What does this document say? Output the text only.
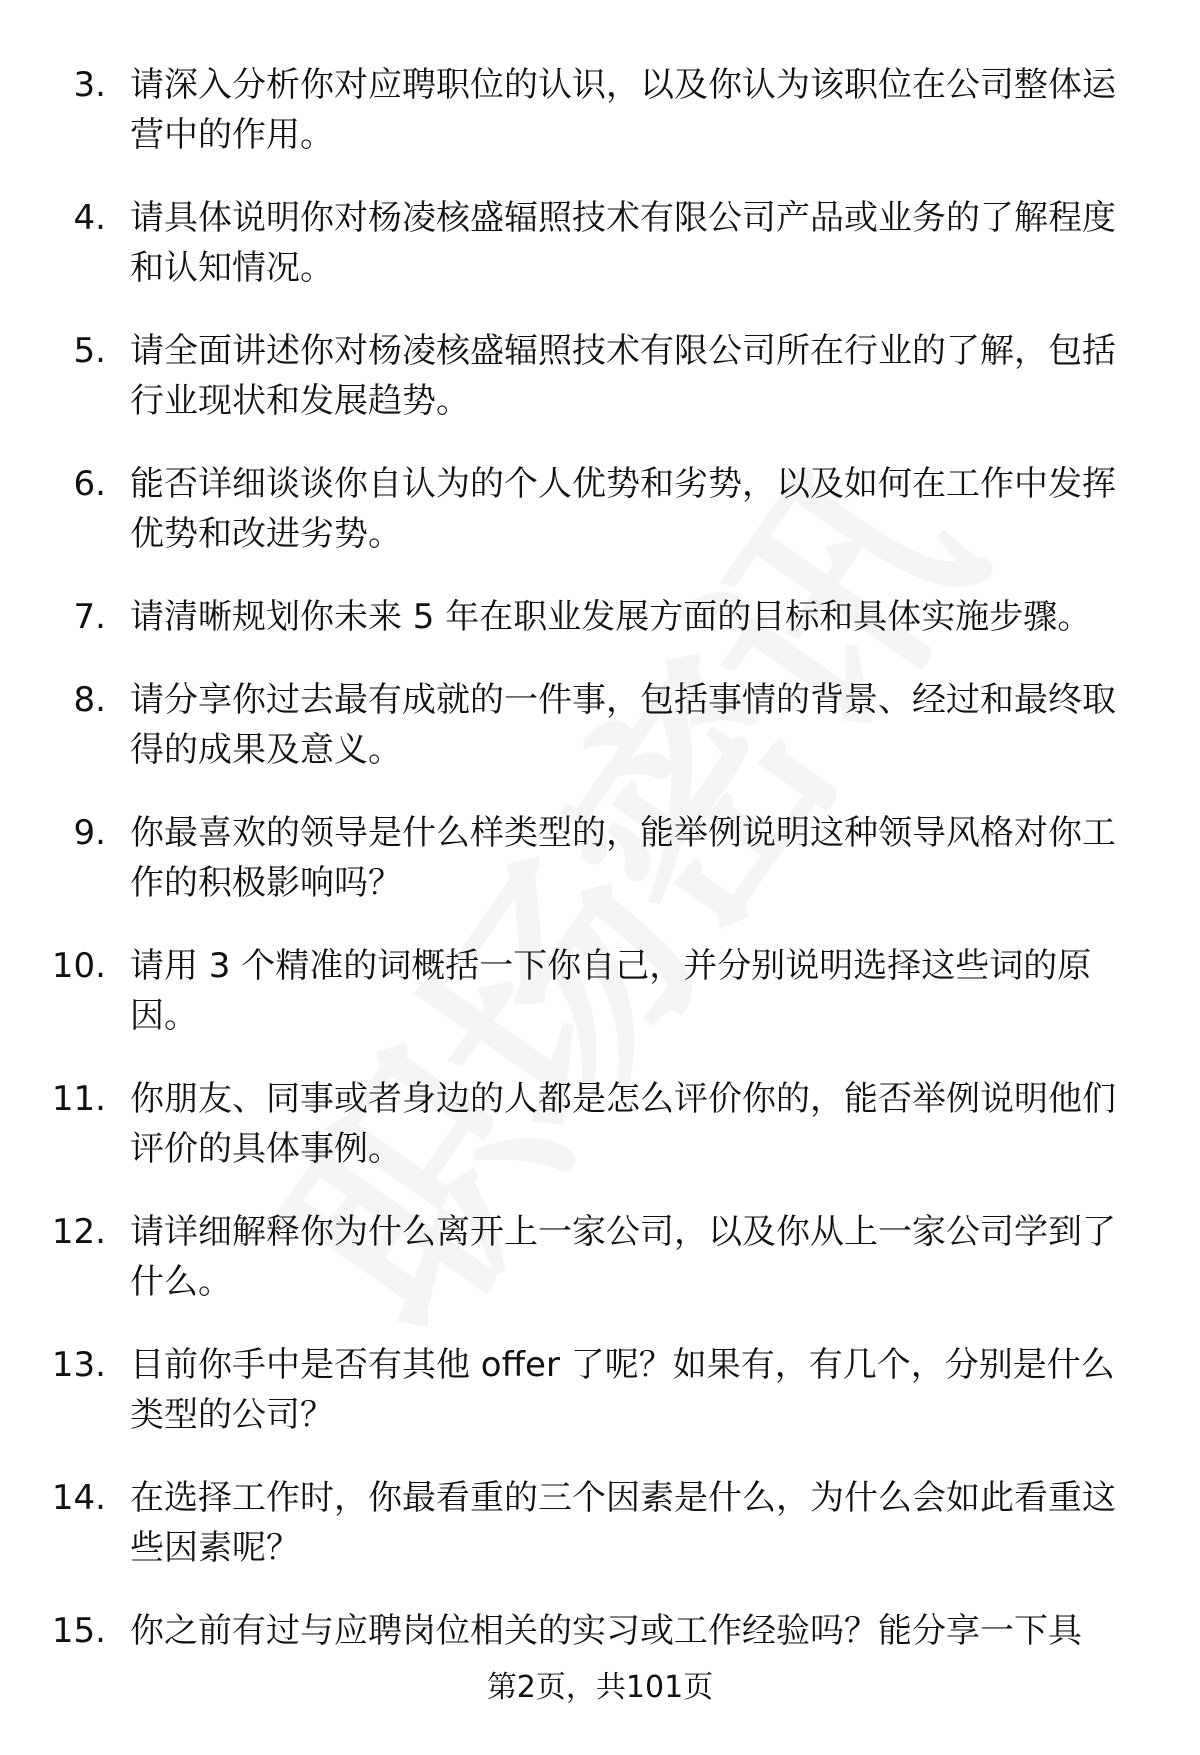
3. 请深入分析你对应聘职位的认识，以及你认为该职位在公司整体运营中的作用。
4. 请具体说明你对杨凌核盛辐照技术有限公司产品或业务的了解程度和认知情况。
5. 请全面讲述你对杨凌核盛辐照技术有限公司所在行业的了解，包括行业现状和发展趋势。
6. 能否详细谈谈你自认为的个人优势和劣势，以及如何在工作中发挥优势和改进劣势。
7. 请清晰规划你未来 5 年在职业发展方面的目标和具体实施步骤。
8. 请分享你过去最有成就的一件事，包括事情的背景、经过和最终取得的成果及意义。
9. 你最喜欢的领导是什么样类型的，能举例说明这种领导风格对你工作的积极影响吗？
10. 请用 3 个精准的词概括一下你自己，并分别说明选择这些词的原因。
11. 你朋友、同事或者身边的人都是怎么评价你的，能否举例说明他们评价的具体事例。
12. 请详细解释你为什么离开上一家公司，以及你从上一家公司学到了什么。
13. 目前你手中是否有其他 offer 了呢？如果有，有几个，分别是什么类型的公司？
14. 在选择工作时，你最看重的三个因素是什么，为什么会如此看重这些因素呢？
15. 你之前有过与应聘岗位相关的实习或工作经验吗？能分享一下具
第2页，共101页
